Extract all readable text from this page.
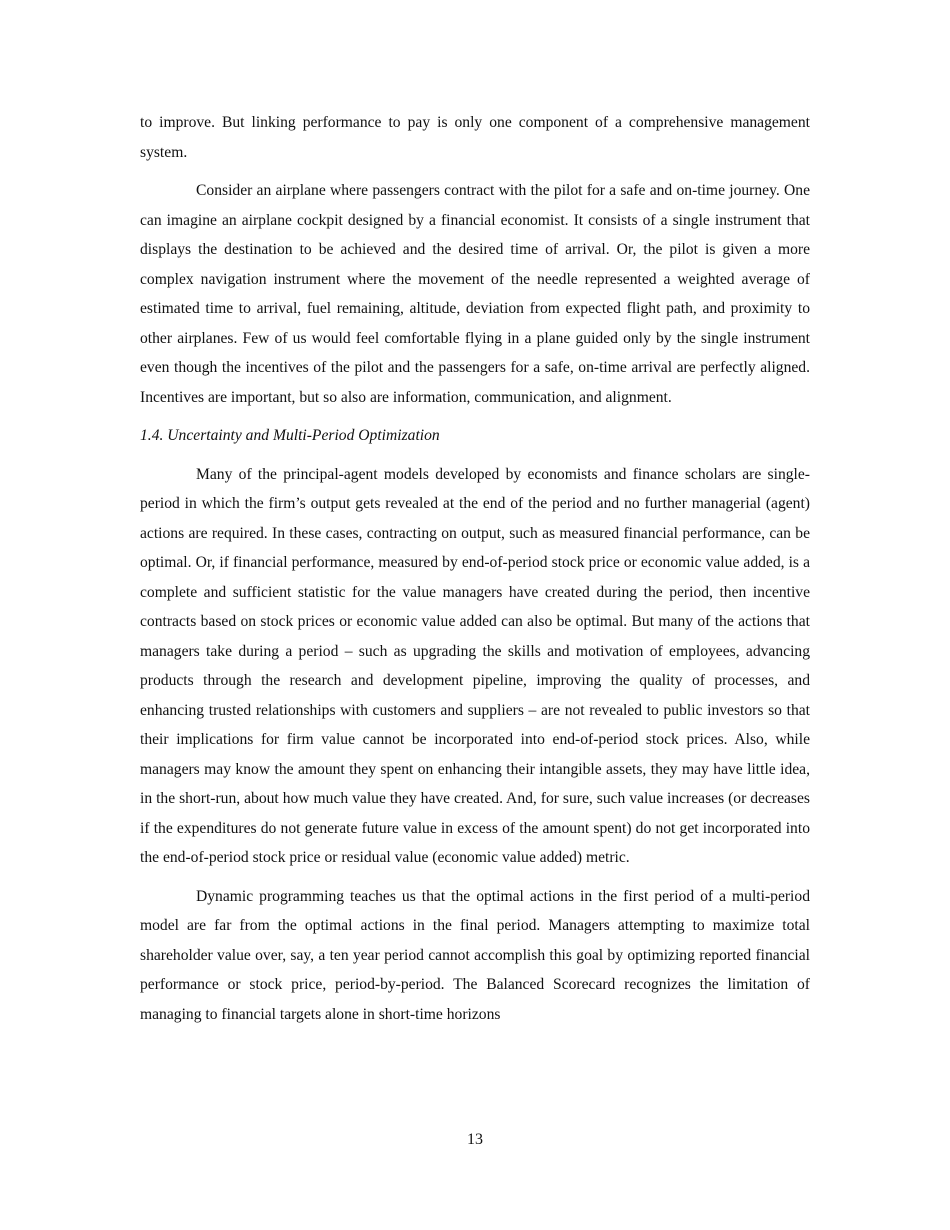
to improve. But linking performance to pay is only one component of a comprehensive management system.

Consider an airplane where passengers contract with the pilot for a safe and on-time journey. One can imagine an airplane cockpit designed by a financial economist. It consists of a single instrument that displays the destination to be achieved and the desired time of arrival. Or, the pilot is given a more complex navigation instrument where the movement of the needle represented a weighted average of estimated time to arrival, fuel remaining, altitude, deviation from expected flight path, and proximity to other airplanes. Few of us would feel comfortable flying in a plane guided only by the single instrument even though the incentives of the pilot and the passengers for a safe, on-time arrival are perfectly aligned. Incentives are important, but so also are information, communication, and alignment.

1.4. Uncertainty and Multi-Period Optimization

Many of the principal-agent models developed by economists and finance scholars are single-period in which the firm’s output gets revealed at the end of the period and no further managerial (agent) actions are required. In these cases, contracting on output, such as measured financial performance, can be optimal. Or, if financial performance, measured by end-of-period stock price or economic value added, is a complete and sufficient statistic for the value managers have created during the period, then incentive contracts based on stock prices or economic value added can also be optimal. But many of the actions that managers take during a period – such as upgrading the skills and motivation of employees, advancing products through the research and development pipeline, improving the quality of processes, and enhancing trusted relationships with customers and suppliers – are not revealed to public investors so that their implications for firm value cannot be incorporated into end-of-period stock prices. Also, while managers may know the amount they spent on enhancing their intangible assets, they may have little idea, in the short-run, about how much value they have created. And, for sure, such value increases (or decreases if the expenditures do not generate future value in excess of the amount spent) do not get incorporated into the end-of-period stock price or residual value (economic value added) metric.

Dynamic programming teaches us that the optimal actions in the first period of a multi-period model are far from the optimal actions in the final period. Managers attempting to maximize total shareholder value over, say, a ten year period cannot accomplish this goal by optimizing reported financial performance or stock price, period-by-period. The Balanced Scorecard recognizes the limitation of managing to financial targets alone in short-time horizons

13
